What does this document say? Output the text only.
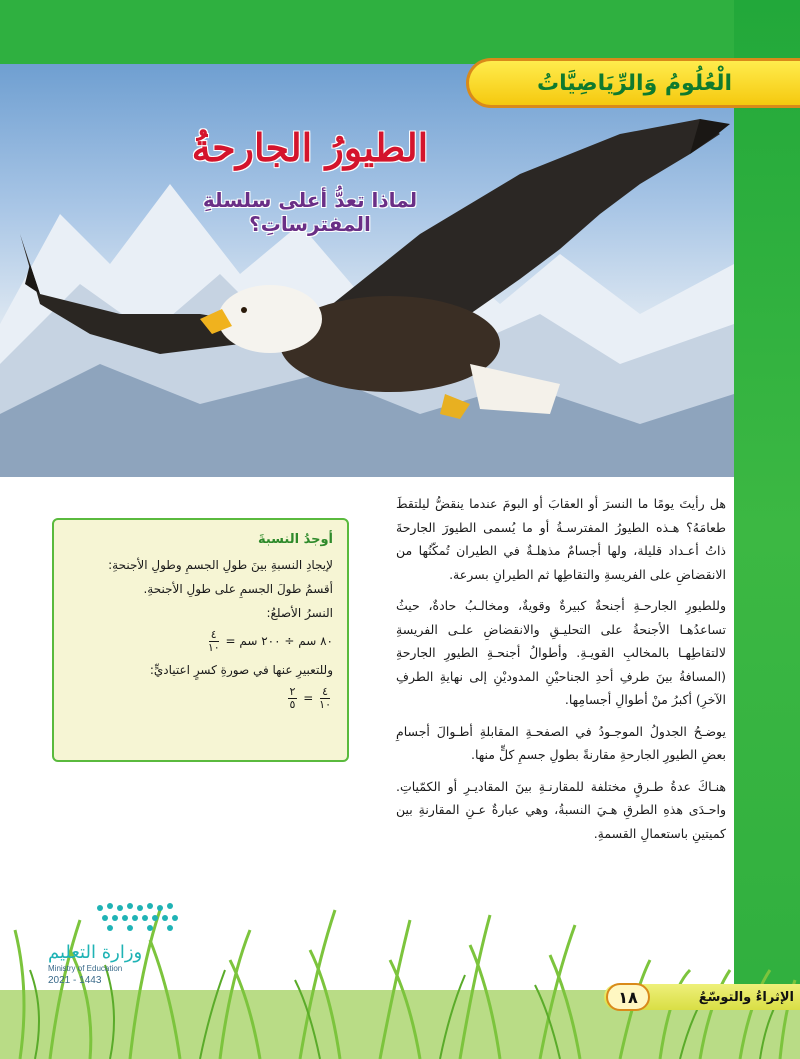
الْعُلُومُ وَالرِّيَاضِيَّاتُ
الطيورُ الجارحةُ
لماذا تعدُّ أعلى سلسلةِ المفترساتِ؟

هل رأيتَ يومًا ما النسرَ أو العقابَ أو البومَ عندما ينقضُّ ليلتقطَ طعامَهُ؟ هـذه الطيورُ المفترسـةُ أو ما يُسمى الطيورَ الجارحةَ ذاتُ أعـداد قليلة، ولها أجسامٌ مذهلـةٌ في الطيران تُمكّنُها من الانقضاضِ على الفريسةِ والتقاطِها ثم الطيرانِ بسرعة.

وللطيورِ الجارحـةِ أجنحةٌ كبيرةٌ وقويةٌ، ومخالـبُ حادةٌ، حيثُ تساعدُهـا الأجنحةُ على التحليـقِ والانقضاضِ علـى الفريسةِ لالتقاطِهـا بالمخالبِ القويـةِ. وأطوالُ أجنحـةِ الطيورِ الجارحةِ (المسافةُ بينَ طرفِ أحدِ الجناحيْنِ المدوديْنِ إلى نهايةِ الطرفِ الآخرِ) أكبرُ منْ أطوالِ أجسامِها.

يوضـحُ الجدولُ الموجـودُ في الصفحـةِ المقابلةِ أطـوالَ أجسامِ بعضِ الطيورِ الجارحةِ مقارنةً بطولِ جسمِ كلٍّ منها.

هنـاكَ عدةُ طـرقٍ مختلفة للمقارنـةِ بينَ المقاديـرِ أو الكمّياتِ. واحـدَى هذهِ الطرقِ هـيَ النسبةُ، وهي عبارةٌ عـنِ المقارنةِ بين كميتينِ باستعمالِ القسمةِ.

أوجدُ النسبةَ
لإيجادِ النسبةِ بينَ طولِ الجسمِ وطولِ الأجنحةِ:
أقسمُ طولَ الجسمِ على طولِ الأجنحةِ.
النسرُ الأصلعُ:
٨٠ سم ÷ ٢٠٠ سم =
$\frac{٤}{١٠}$
وللتعبيرِ عنها في صورةِ كسرٍ اعتياديٍّ:
$\frac{٤}{١٠}$
=
$\frac{٢}{٥}$
وزارة التعليم
Ministry of Education
2021 - 1443
الإثراءُ والتوسّعُ
١٨
